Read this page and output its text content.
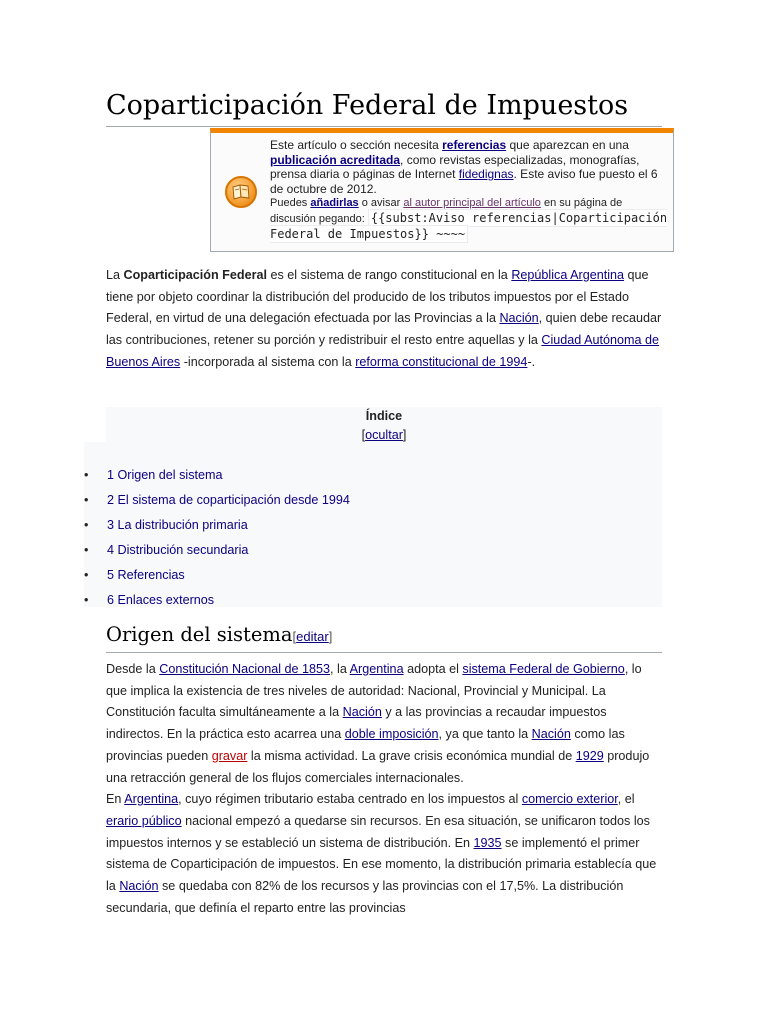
Coparticipación Federal de Impuestos
Este artículo o sección necesita referencias que aparezcan en una publicación acreditada, como revistas especializadas, monografías, prensa diaria o páginas de Internet fidedignas. Este aviso fue puesto el 6 de octubre de 2012.
Puedes añadirlas o avisar al autor principal del artículo en su página de discusión pegando: {{subst:Aviso referencias|Coparticipación Federal de Impuestos}} ~~~~

La Coparticipación Federal es el sistema de rango constitucional en la República Argentina que tiene por objeto coordinar la distribución del producido de los tributos impuestos por el Estado Federal, en virtud de una delegación efectuada por las Provincias a la Nación, quien debe recaudar las contribuciones, retener su porción y redistribuir el resto entre aquellas y la Ciudad Autónoma de Buenos Aires -incorporada al sistema con la reforma constitucional de 1994-.

Índice
[ocultar]
• 1 Origen del sistema
• 2 El sistema de coparticipación desde 1994
• 3 La distribución primaria
• 4 Distribución secundaria
• 5 Referencias
• 6 Enlaces externos
Origen del sistema[editar]

Desde la Constitución Nacional de 1853, la Argentina adopta el sistema Federal de Gobierno, lo que implica la existencia de tres niveles de autoridad: Nacional, Provincial y Municipal. La Constitución faculta simultáneamente a la Nación y a las provincias a recaudar impuestos indirectos. En la práctica esto acarrea una doble imposición, ya que tanto la Nación como las provincias pueden gravar la misma actividad. La grave crisis económica mundial de 1929 produjo una retracción general de los flujos comerciales internacionales.
En Argentina, cuyo régimen tributario estaba centrado en los impuestos al comercio exterior, el erario público nacional empezó a quedarse sin recursos. En esa situación, se unificaron todos los impuestos internos y se estableció un sistema de distribución. En 1935 se implementó el primer sistema de Coparticipación de impuestos. En ese momento, la distribución primaria establecía que la Nación se quedaba con 82% de los recursos y las provincias con el 17,5%. La distribución secundaria, que definía el reparto entre las provincias
